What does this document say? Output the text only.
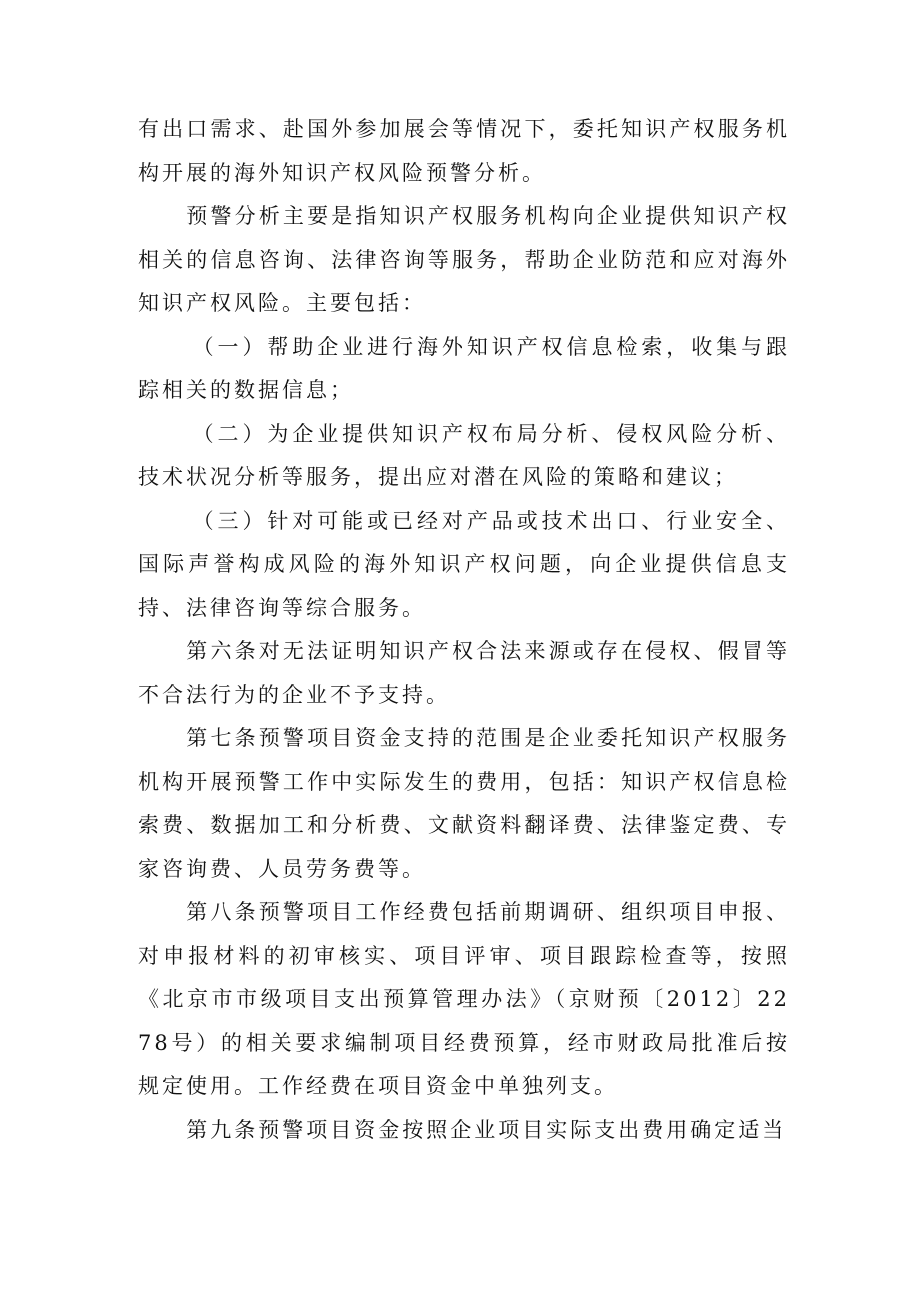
有出口需求、赴国外参加展会等情况下，委托知识产权服务机构开展的海外知识产权风险预警分析。

预警分析主要是指知识产权服务机构向企业提供知识产权相关的信息咨询、法律咨询等服务，帮助企业防范和应对海外知识产权风险。主要包括：

（一）帮助企业进行海外知识产权信息检索，收集与跟踪相关的数据信息；

（二）为企业提供知识产权布局分析、侵权风险分析、技术状况分析等服务，提出应对潜在风险的策略和建议；

（三）针对可能或已经对产品或技术出口、行业安全、国际声誉构成风险的海外知识产权问题，向企业提供信息支持、法律咨询等综合服务。

第六条对无法证明知识产权合法来源或存在侵权、假冒等不合法行为的企业不予支持。

第七条预警项目资金支持的范围是企业委托知识产权服务机构开展预警工作中实际发生的费用，包括：知识产权信息检索费、数据加工和分析费、文献资料翻译费、法律鉴定费、专家咨询费、人员劳务费等。

第八条预警项目工作经费包括前期调研、组织项目申报、对申报材料的初审核实、项目评审、项目跟踪检查等，按照《北京市市级项目支出预算管理办法》（京财预〔2012〕2278号）的相关要求编制项目经费预算，经市财政局批准后按规定使用。工作经费在项目资金中单独列支。

第九条预警项目资金按照企业项目实际支出费用确定适当
